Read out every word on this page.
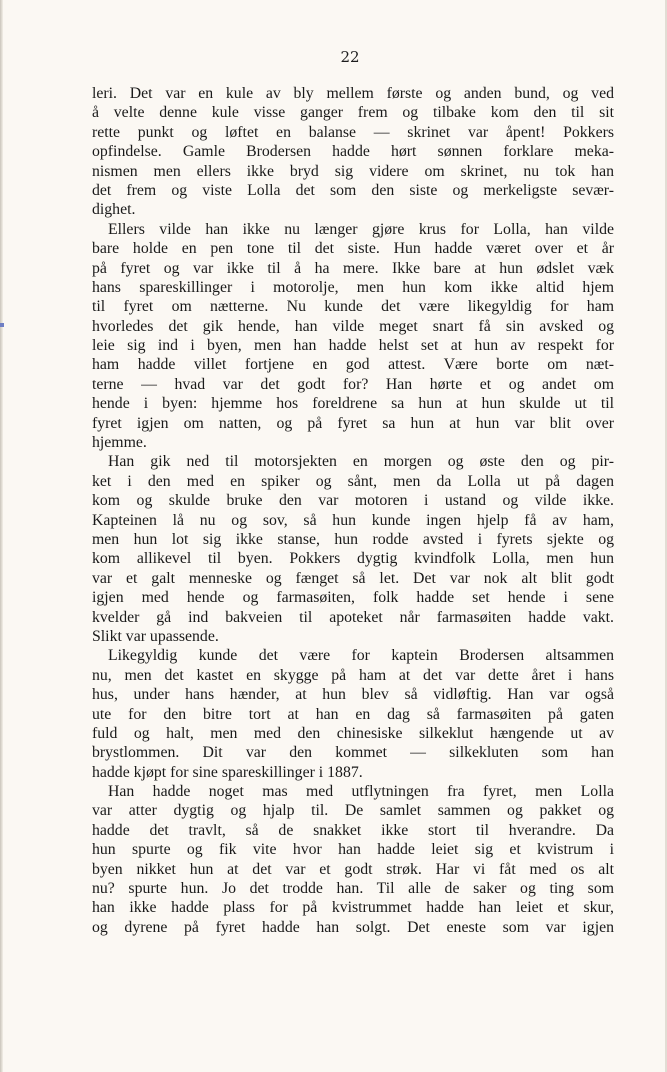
22
leri. Det var en kule av bly mellem første og anden bund, og ved
å velte denne kule visse ganger frem og tilbake kom den til sit
rette punkt og løftet en balanse — skrinet var åpent! Pokkers
opfindelse. Gamle Brodersen hadde hørt sønnen forklare meka-
nismen men ellers ikke bryd sig videre om skrinet, nu tok han
det frem og viste Lolla det som den siste og merkeligste sevær-
dighet.
Ellers vilde han ikke nu længer gjøre krus for Lolla, han vilde
bare holde en pen tone til det siste. Hun hadde været over et år
på fyret og var ikke til å ha mere. Ikke bare at hun ødslet væk
hans spareskillinger i motorolje, men hun kom ikke altid hjem
til fyret om nætterne. Nu kunde det være likegyldig for ham
hvorledes det gik hende, han vilde meget snart få sin avsked og
leie sig ind i byen, men han hadde helst set at hun av respekt for
ham hadde villet fortjene en god attest. Være borte om næt-
terne — hvad var det godt for? Han hørte et og andet om
hende i byen: hjemme hos foreldrene sa hun at hun skulde ut til
fyret igjen om natten, og på fyret sa hun at hun var blit over
hjemme.
Han gik ned til motorsjekten en morgen og øste den og pir-
ket i den med en spiker og sånt, men da Lolla ut på dagen
kom og skulde bruke den var motoren i ustand og vilde ikke.
Kapteinen lå nu og sov, så hun kunde ingen hjelp få av ham,
men hun lot sig ikke stanse, hun rodde avsted i fyrets sjekte og
kom allikevel til byen. Pokkers dygtig kvindfolk Lolla, men hun
var et galt menneske og fænget så let. Det var nok alt blit godt
igjen med hende og farmasøiten, folk hadde set hende i sene
kvelder gå ind bakveien til apoteket når farmasøiten hadde vakt.
Slikt var upassende.
Likegyldig kunde det være for kaptein Brodersen altsammen
nu, men det kastet en skygge på ham at det var dette året i hans
hus, under hans hænder, at hun blev så vidløftig. Han var også
ute for den bitre tort at han en dag så farmasøiten på gaten
fuld og halt, men med den chinesiske silkeklut hængende ut av
brystlommen. Dit var den kommet — silkekluten som han
hadde kjøpt for sine spareskillinger i 1887.
Han hadde noget mas med utflytningen fra fyret, men Lolla
var atter dygtig og hjalp til. De samlet sammen og pakket og
hadde det travlt, så de snakket ikke stort til hverandre. Da
hun spurte og fik vite hvor han hadde leiet sig et kvistrum i
byen nikket hun at det var et godt strøk. Har vi fåt med os alt
nu? spurte hun. Jo det trodde han. Til alle de saker og ting som
han ikke hadde plass for på kvistrummet hadde han leiet et skur,
og dyrene på fyret hadde han solgt. Det eneste som var igjen
